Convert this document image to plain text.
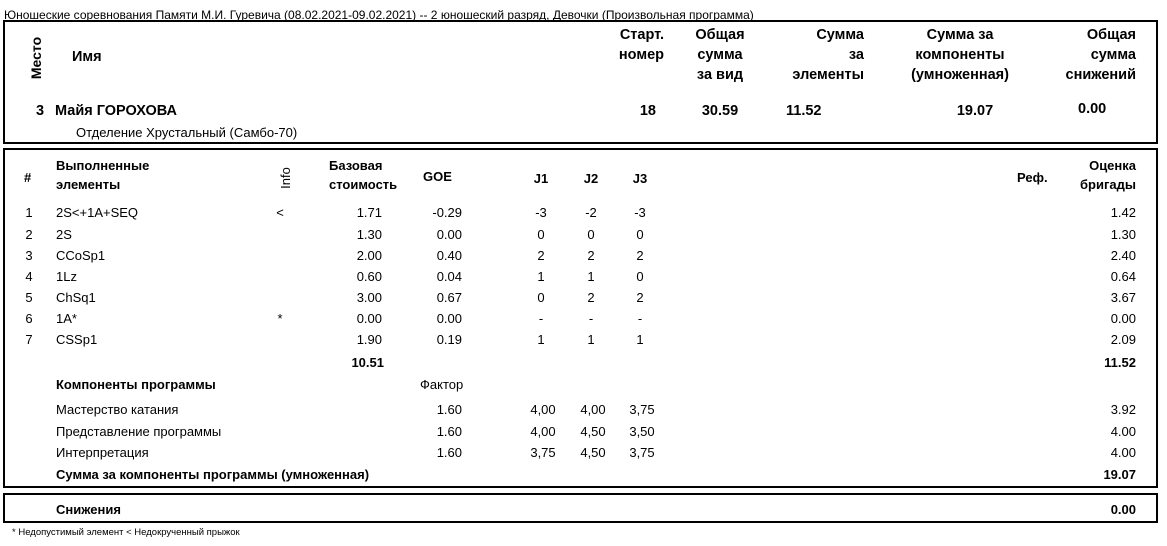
Юношеские соревнования Памяти М.И. Гуревича (08.02.2021-09.02.2021) -- 2 юношеский разряд, Девочки (Произвольная программа)
Место Имя
Старт.
номер
Общая
сумма
за вид
Сумма
за
элементы
Сумма за
компоненты
(умноженная)
Общая
сумма
снижений
3 Майя ГОРОХОВА
Отделение Хрустальный (Самбо-70)
18	30.59	11.52	19.07	0.00
#
Выполненные
элементы	Info
Базовая
стоимость
GOE	J1	J2	J3	Реф.
Оценка
бригады
1 2S<+1A+SEQ	<	1.71	-0.29	-3	-2	-3	1.42
2 2S	1.30	0.00	0	0	0	1.30
3 CCoSp1	2.00	0.40	2	2	2	2.40
4 1Lz	0.60	0.04	1	1	0	0.64
5 ChSq1	3.00	0.67	0	2	2	3.67
6 1A*	*	0.00	0.00	-	-	-	0.00
7 CSSp1	1.90	0.19	1	1	1	2.09
10.51	11.52
Компоненты программы	Фактор
Мастерство катания	1.60	4,00	4,00	3,75	3.92
Представление программы	1.60	4,00	4,50	3,50	4.00
Интерпретация	1.60	3,75	4,50	3,75	4.00
Сумма за компоненты программы (умноженная)	19.07
Снижения	0.00
* Недопустимый элемент < Недокрученный прыжок
